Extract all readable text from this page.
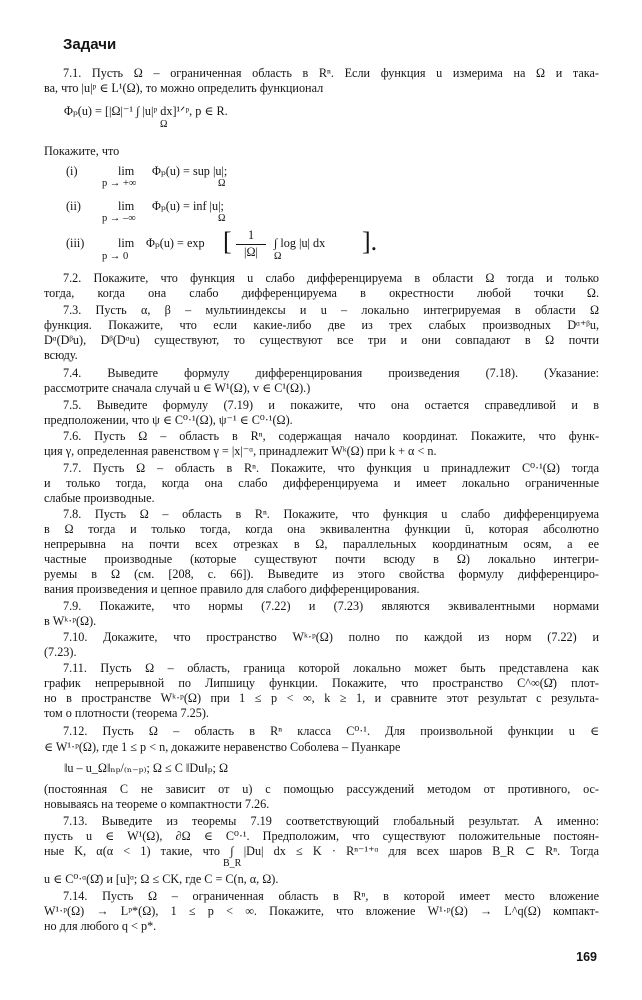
Задачи
7.1. Пусть Ω – ограниченная область в Rⁿ. Если функция u измерима на Ω и така-
ва, что |u|ᵖ ∈ L¹(Ω), то можно определить функционал
Φₚ(u) = [|Ω|⁻¹ ∫ |u|ᵖ dx]¹ᐟᵖ, p ∈ R.
Ω
Покажите, что
(i)	lim
p → +∞
Φₚ(u) = sup |u|;
Ω
(ii)	lim
p → –∞
Φₚ(u) = inf |u|;
Ω
(iii)	lim
p → 0
Φₚ(u) = exp [	1
|Ω|
∫ log |u| dx ].
Ω
7.2. Покажите, что функция u слабо дифференцируема в области Ω тогда и только
тогда, когда она слабо дифференцируема в окрестности любой точки Ω.
7.3. Пусть α, β – мультииндексы и u – локально интегрируемая в области Ω
функция. Покажите, что если какие-либо две из трех слабых производных Dᵅ⁺ᵝu,
Dᵅ(Dᵝu), Dᵝ(Dᵅu) существуют, то существуют все три и они совпадают в Ω почти
всюду.
7.4. Выведите формулу дифференцирования произведения (7.18). (Указание:
рассмотрите сначала случай u ∈ W¹(Ω), v ∈ C¹(Ω).)
7.5. Выведите формулу (7.19) и покажите, что она остается справедливой и в
предположении, что ψ ∈ C⁰·¹(Ω), ψ⁻¹ ∈ C⁰·¹(Ω).
7.6. Пусть Ω – область в Rⁿ, содержащая начало координат. Покажите, что функ-
ция γ, определенная равенством γ = |x|⁻ᵅ, принадлежит Wᵏ(Ω) при k + α < n.
7.7. Пусть Ω – область в Rⁿ. Покажите, что функция u принадлежит C⁰·¹(Ω) тогда
и только тогда, когда она слабо дифференцируема и имеет локально ограниченные
слабые производные.
7.8. Пусть Ω – область в Rⁿ. Покажите, что функция u слабо дифференцируема
в Ω тогда и только тогда, когда она эквивалентна функции ū, которая абсолютно
непрерывна на почти всех отрезках в Ω, параллельных координатным осям, а ее
частные производные (которые существуют почти всюду в Ω) локально интегри-
руемы в Ω (см. [208, с. 66]). Выведите из этого свойства формулу дифференциро-
вания произведения и цепное правило для слабого дифференцирования.
7.9. Покажите, что нормы (7.22) и (7.23) являются эквивалентными нормами
в Wᵏ·ᵖ(Ω).
7.10. Докажите, что пространство Wᵏ·ᵖ(Ω) полно по каждой из норм (7.22) и
(7.23).
7.11. Пусть Ω – область, граница которой локально может быть представлена как
график непрерывной по Липшицу функции. Покажите, что пространство C^∞(Ω̄) плот-
но в пространстве Wᵏ·ᵖ(Ω) при 1 ≤ p < ∞, k ≥ 1, и сравните этот результат с результа-
том о плотности (теорема 7.25).
7.12. Пусть Ω – область в Rⁿ класса C⁰·¹. Для произвольной функции u ∈
∈ W¹·ᵖ(Ω), где 1 ≤ p < n, докажите неравенство Соболева – Пуанкаре
‖u – u_Ω‖ₙₚ/₍ₙ₋ₚ₎; Ω ≤ C ‖Du‖ₚ; Ω
(постоянная C не зависит от u) с помощью рассуждений методом от противного, ос-
новываясь на теореме о компактности 7.26.
7.13. Выведите из теоремы 7.19 соответствующий глобальный результат. А именно:
пусть u ∈ W¹(Ω), ∂Ω ∈ C⁰·¹. Предположим, что существуют положительные постоян-
ные K, α(α < 1) такие, что ∫ |Du| dx ≤ K · Rⁿ⁻¹⁺ᵅ для всех шаров B_R ⊂ Rⁿ. Тогда
B_R
u ∈ C⁰·ᵅ(Ω̄) и [u]ᵅ; Ω ≤ CK, где C = C(n, α, Ω).
7.14. Пусть Ω – ограниченная область в Rⁿ, в которой имеет место вложение
W¹·ᵖ(Ω) → Lᵖ*(Ω), 1 ≤ p < ∞. Покажите, что вложение W¹·ᵖ(Ω) → L^q(Ω) компакт-
но для любого q < p*.
169
